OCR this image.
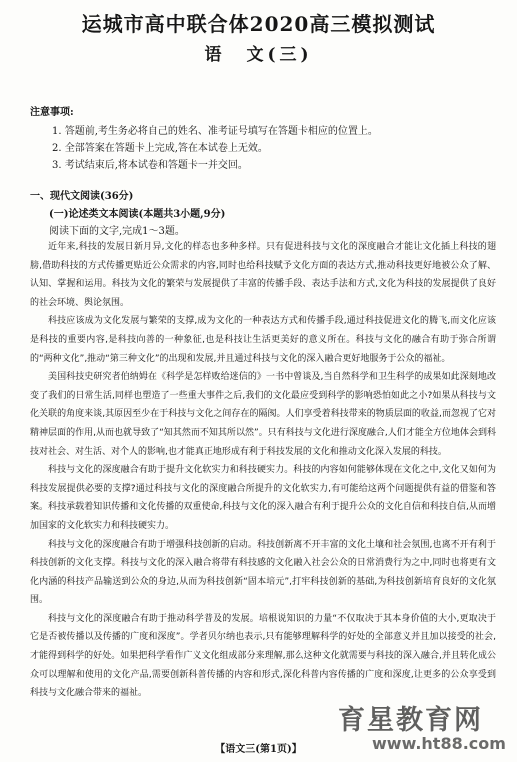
运城市高中联合体2020高三模拟测试
语　文(三)
注意事项:
1. 答题前,考生务必将自己的姓名、准考证号填写在答题卡相应的位置上。
2. 全部答案在答题卡上完成,答在本试卷上无效。
3. 考试结束后,将本试卷和答题卡一并交回。
一、现代文阅读(36分)
(一)论述类文本阅读(本题共3小题,9分)
阅读下面的文字,完成1～3题。

近年来,科技的发展日新月异,文化的样态也多种多样。只有促进科技与文化的深度融合才能让文化插上科技的翅膀,借助科技的方式传播更贴近公众需求的内容,同时也给科技赋予文化方面的表达方式,推动科技更好地被公众了解、认知、掌握和运用。科技为文化的繁荣与发展提供了丰富的传播手段、表达手法和方式,文化为科技的发展提供了良好的社会环境、舆论氛围。

科技应该成为文化发展与繁荣的支撑,成为文化的一种表达方式和传播手段,通过科技促进文化的腾飞,而文化应该是科技的重要内容,是科技向善的一种象征,也是科技让生活更美好的意义所在。科技与文化的融合有助于弥合所谓的“两种文化”,推动“第三种文化”的出现和发展,并且通过科技与文化的深入融合更好地服务于公众的福祉。

美国科技史研究者伯纳姆在《科学是怎样败给迷信的》一书中曾谈及,当自然科学和卫生科学的成果如此深刻地改变了我们的日常生活,同样也塑造了一些重大事件之后,我们的文化最应受到科学的影响恐怕如此之小?如果从科技与文化关联的角度来谈,其原因至少在于科技与文化之间存在的隔阂。人们享受着科技带来的物质层面的收益,而忽视了它对精神层面的作用,从而也就导致了“知其然而不知其所以然”。只有科技与文化进行深度融合,人们才能全方位地体会到科技对社会、对生活、对个人的影响,也才能真正地形成有利于科技发展的文化和推动文化深入发展的科技。

科技与文化的深度融合有助于提升文化软实力和科技硬实力。科技的内容如何能够体现在文化之中,文化又如何为科技发展提供必要的支撑?通过科技与文化的深度融合所提升的文化软实力,有可能给这两个问题提供有益的借鉴和答案。科技承载着知识传播和文化传播的双重使命,科技与文化的深入融合有利于提升公众的文化自信和科技自信,从而增加国家的文化软实力和科技硬实力。

科技与文化的深度融合有助于增强科技创新的启动。科技创新离不开丰富的文化土壤和社会氛围,也离不开有利于科技创新的文化支撑。科技与文化的深入融合将带有科技感的文化融入社会公众的日常消费行为之中,同时也将更有文化内涵的科技产品输送到公众的身边,从而为科技创新“固本培元”,打牢科技创新的基础,为科技创新培育良好的文化氛围。

科技与文化的深度融合有助于推动科学普及的发展。培根说知识的力量“不仅取决于其本身价值的大小,更取决于它是否被传播以及传播的广度和深度”。学者贝尔纳也表示,只有能够理解科学的好处的全部意义并且加以接受的社会,才能得到科学的好处。如果把科学看作广义文化组成部分来理解,那么这种文化就需要与科技的深入融合,并且转化成公众可以理解和使用的文化产品,需要创新科普传播的内容和形式,深化科普内容传播的广度和深度,让更多的公众享受到科技与文化融合带来的福祉。

【语文三(第1页)】
育星教育网
www.ht88.com
